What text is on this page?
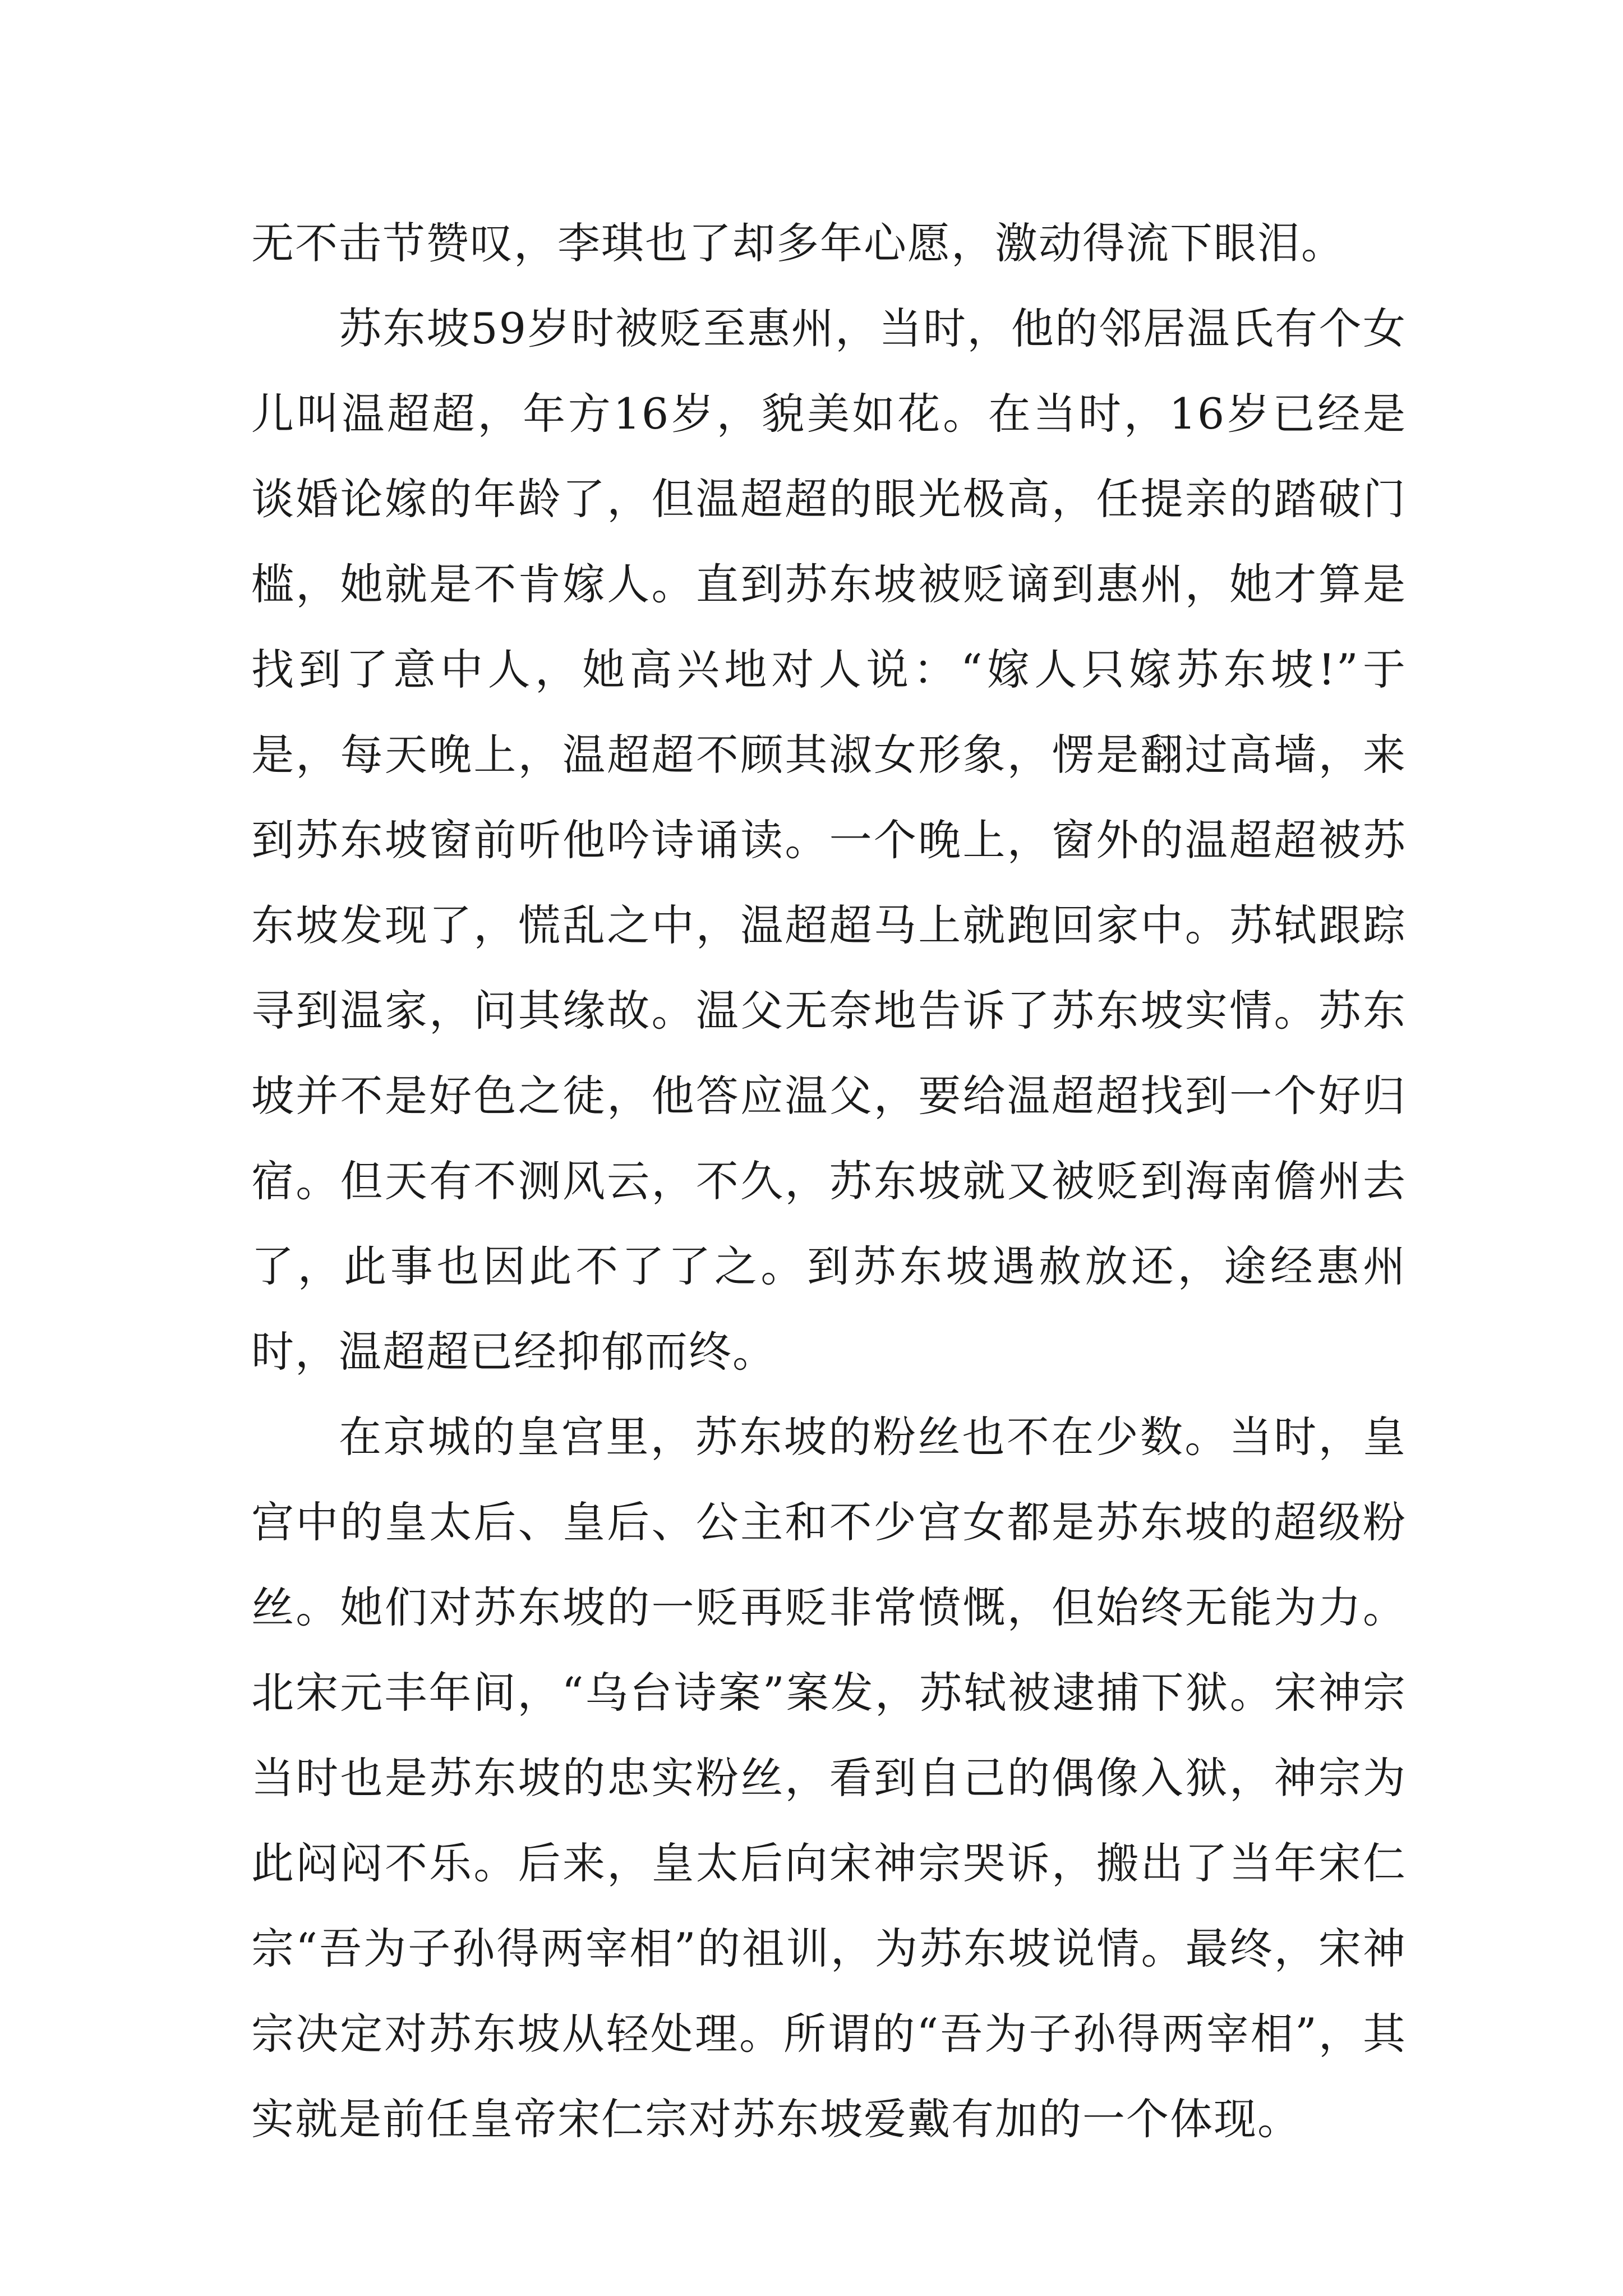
无不击节赞叹，李琪也了却多年心愿，激动得流下眼泪。

苏东坡59岁时被贬至惠州，当时，他的邻居温氏有个女儿叫温超超，年方16岁，貌美如花。在当时，16岁已经是谈婚论嫁的年龄了，但温超超的眼光极高，任提亲的踏破门槛，她就是不肯嫁人。直到苏东坡被贬谪到惠州，她才算是找到了意中人，她高兴地对人说：“嫁人只嫁苏东坡!”于是，每天晚上，温超超不顾其淑女形象，愣是翻过高墙，来到苏东坡窗前听他吟诗诵读。一个晚上，窗外的温超超被苏东坡发现了，慌乱之中，温超超马上就跑回家中。苏轼跟踪寻到温家，问其缘故。温父无奈地告诉了苏东坡实情。苏东坡并不是好色之徒，他答应温父，要给温超超找到一个好归宿。但天有不测风云，不久，苏东坡就又被贬到海南儋州去了，此事也因此不了了之。到苏东坡遇赦放还，途经惠州时，温超超已经抑郁而终。

在京城的皇宫里，苏东坡的粉丝也不在少数。当时，皇宫中的皇太后、皇后、公主和不少宫女都是苏东坡的超级粉丝。她们对苏东坡的一贬再贬非常愤慨，但始终无能为力。北宋元丰年间，“乌台诗案”案发，苏轼被逮捕下狱。宋神宗当时也是苏东坡的忠实粉丝，看到自己的偶像入狱，神宗为此闷闷不乐。后来，皇太后向宋神宗哭诉，搬出了当年宋仁宗“吾为子孙得两宰相”的祖训，为苏东坡说情。最终，宋神宗决定对苏东坡从轻处理。所谓的“吾为子孙得两宰相”，其实就是前任皇帝宋仁宗对苏东坡爱戴有加的一个体现。
